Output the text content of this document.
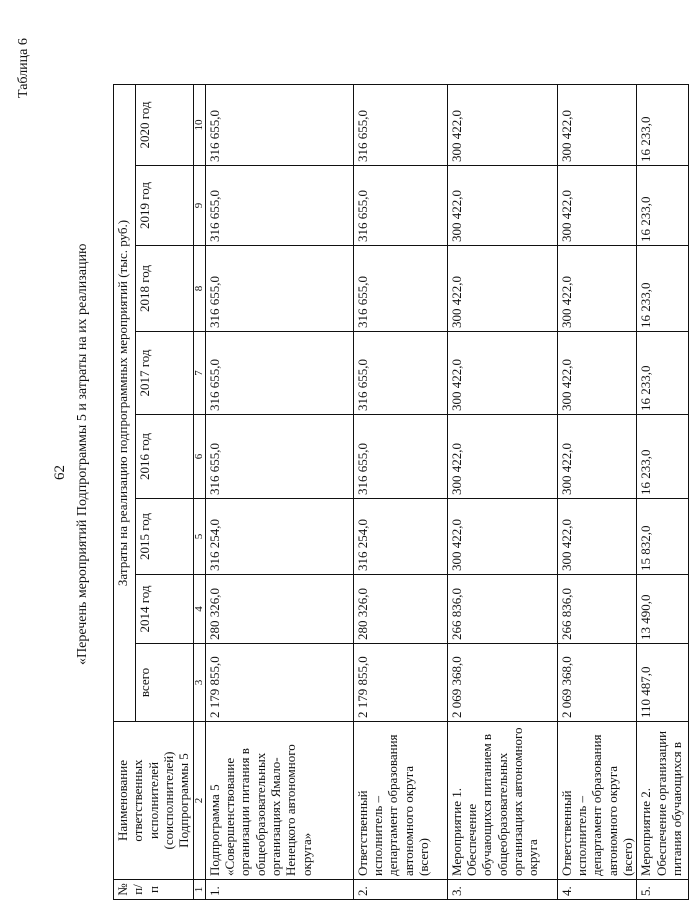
62
Таблица 6
«Перечень мероприятий Подпрограммы 5 и затраты на их реализацию
№ п/п	Наименование ответственных исполнителей (соисполнителей) Подпрограммы 5	Затраты на реализацию подпрограммных мероприятий (тыс. руб.)							
		всего	2014 год	2015 год	2016 год	2017 год	2018 год	2019 год	2020 год
1	2	3	4	5	6	7	8	9	10
1.	Подпрограмма 5 «Совершенствование организации питания в общеобразовательных организациях Ямало-Ненецкого автономного округа»	2 179 855,0	280 326,0	316 254,0	316 655,0	316 655,0	316 655,0	316 655,0	316 655,0
2.	Ответственный исполнитель – департамент образования автономного округа (всего)	2 179 855,0	280 326,0	316 254,0	316 655,0	316 655,0	316 655,0	316 655,0	316 655,0
3.	Мероприятие 1. Обеспечение обучающихся питанием в общеобразовательных организациях автономного округа	2 069 368,0	266 836,0	300 422,0	300 422,0	300 422,0	300 422,0	300 422,0	300 422,0
4.	Ответственный исполнитель – департамент образования автономного округа (всего)	2 069 368,0	266 836,0	300 422,0	300 422,0	300 422,0	300 422,0	300 422,0	300 422,0
5.	Мероприятие 2. Обеспечение организации питания обучающихся в	110 487,0	13 490,0	15 832,0	16 233,0	16 233,0	16 233,0	16 233,0	16 233,0
